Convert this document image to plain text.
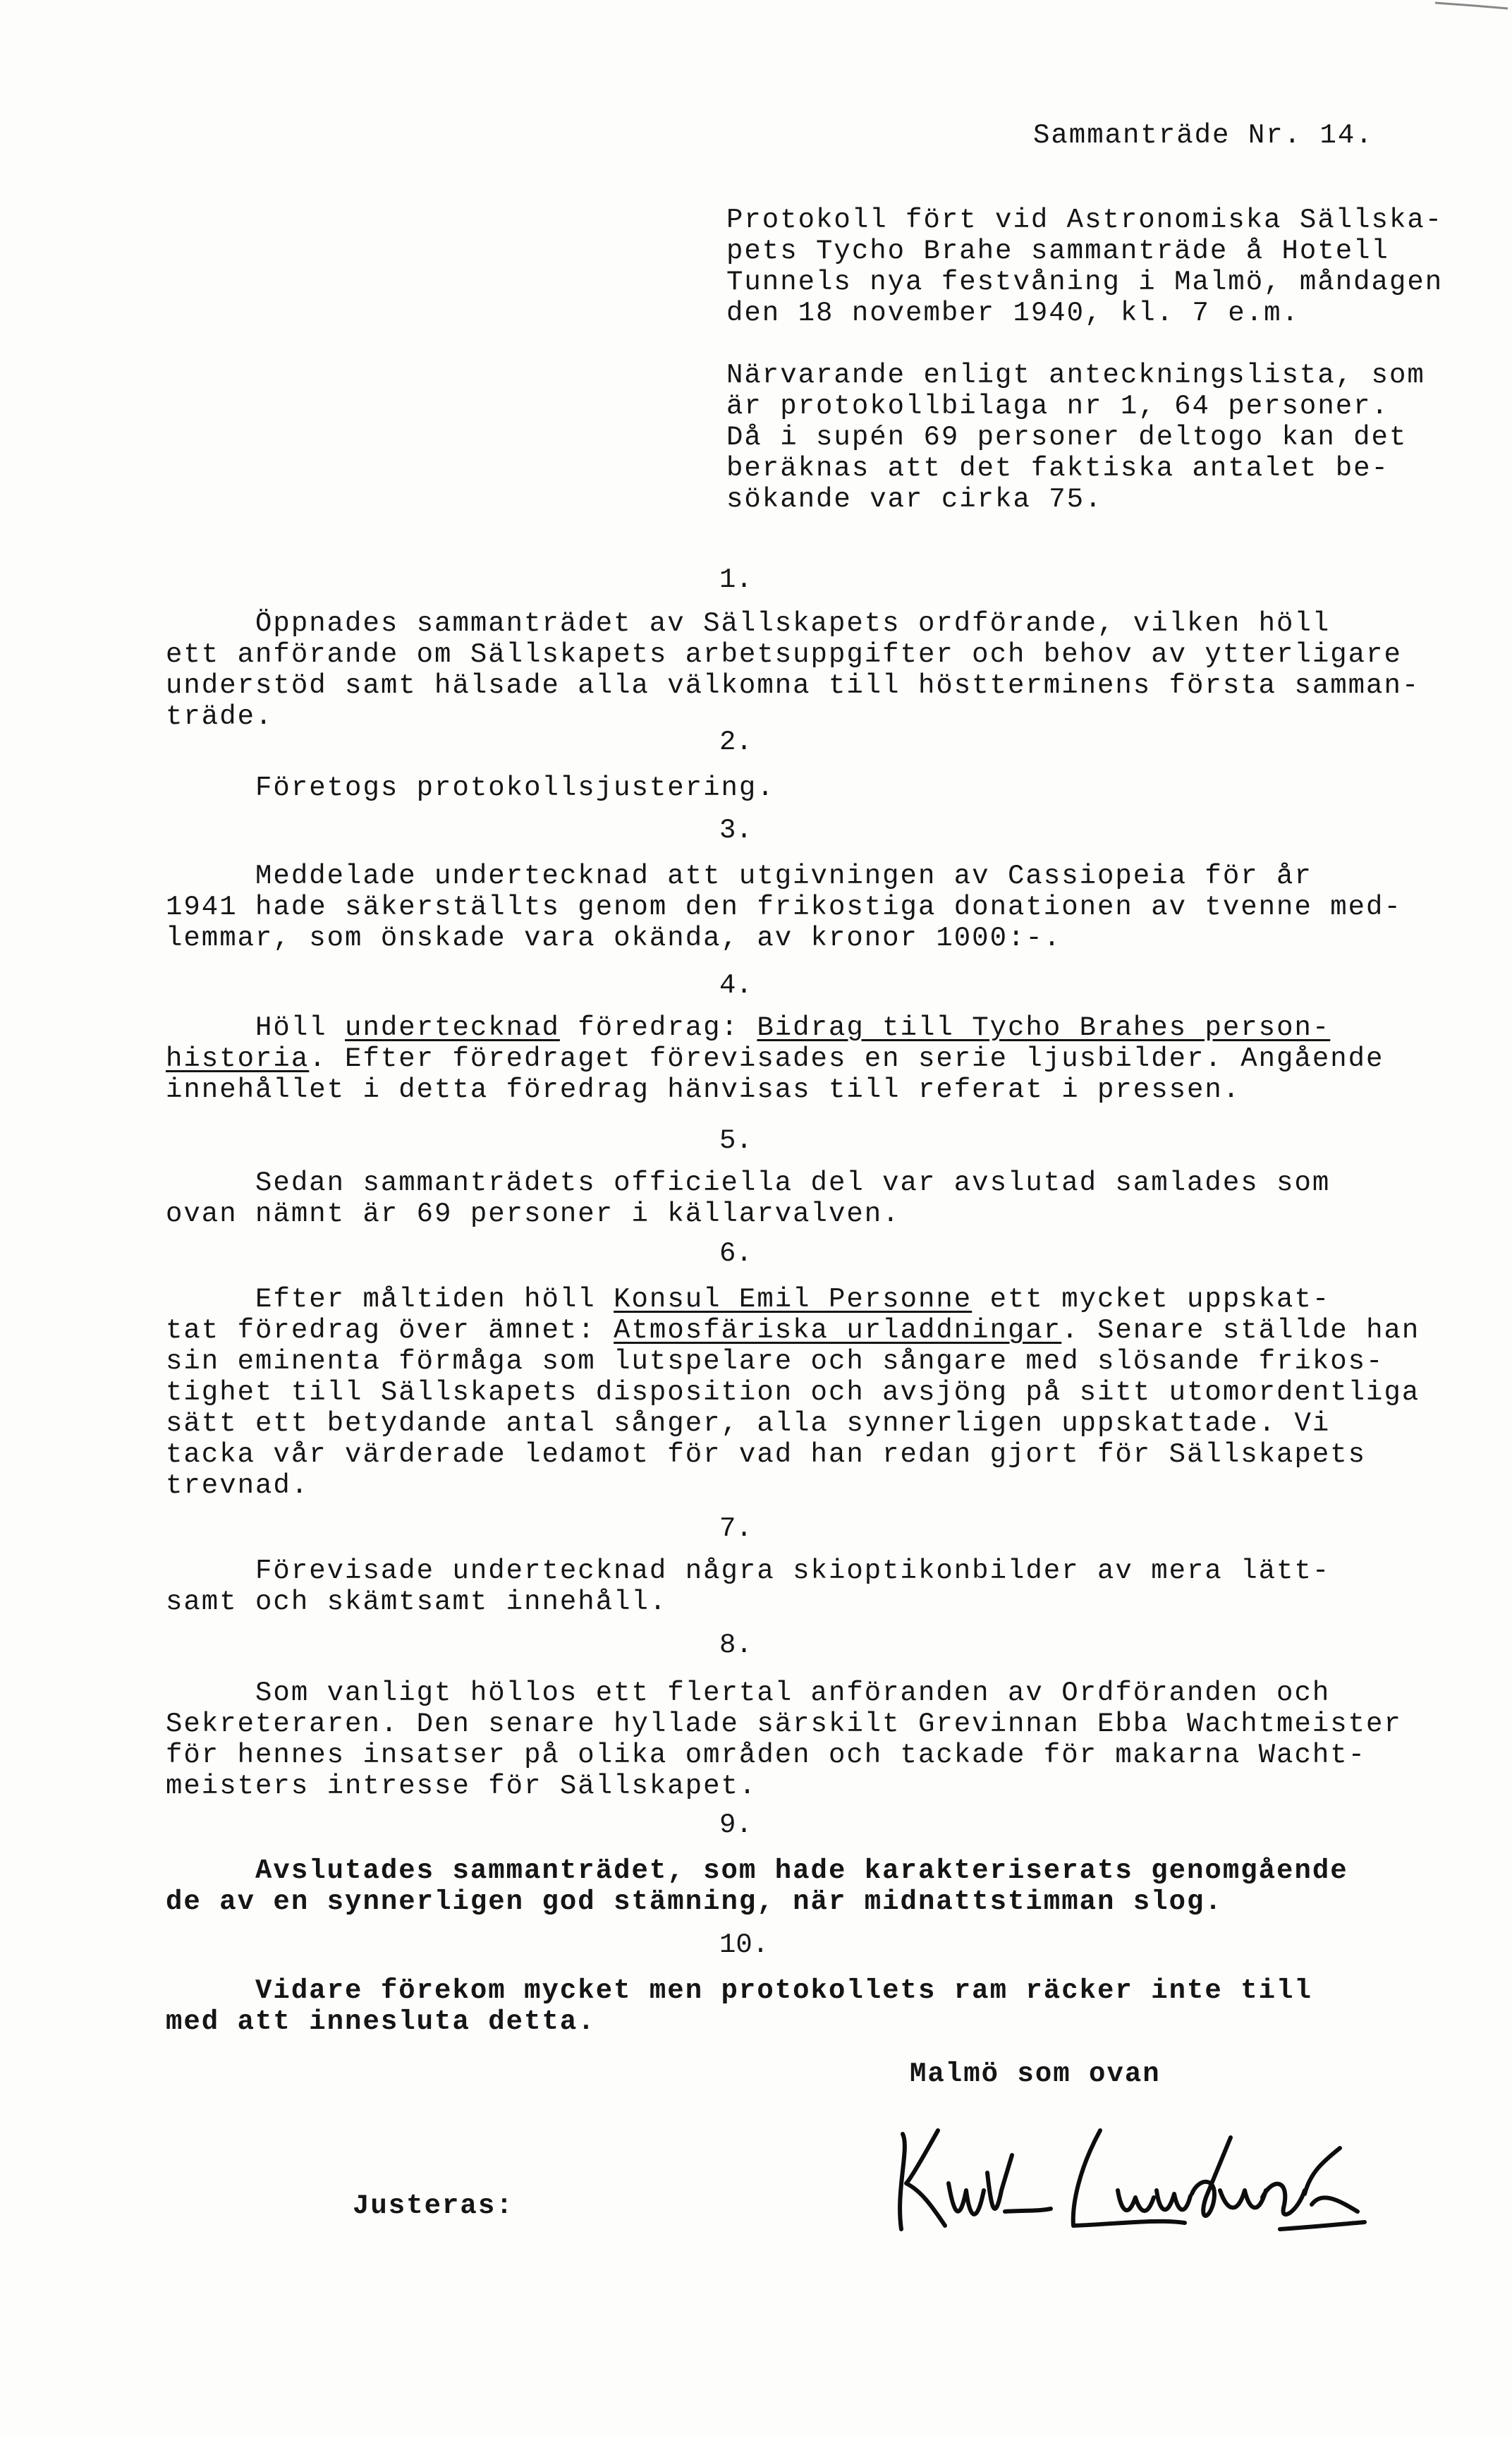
Sammanträde Nr. 14.

Protokoll fört vid Astronomiska Sällska-
pets Tycho Brahe sammanträde å Hotell
Tunnels nya festvåning i Malmö, måndagen
den 18 november 1940, kl. 7 e.m.

Närvarande enligt anteckningslista, som
är protokollbilaga nr 1, 64 personer.
Då i supén 69 personer deltogo kan det
beräknas att det faktiska antalet be-
sökande var cirka 75.

1.

Öppnades sammanträdet av Sällskapets ordförande, vilken höll
ett anförande om Sällskapets arbetsuppgifter och behov av ytterligare
understöd samt hälsade alla välkomna till höstterminens första samman-
träde.

2.

Företogs protokollsjustering.

3.

Meddelade undertecknad att utgivningen av Cassiopeia för år
1941 hade säkerställts genom den frikostiga donationen av tvenne med-
lemmar, som önskade vara okända, av kronor 1000:-.

4.

Höll undertecknad föredrag: Bidrag till Tycho Brahes person-
historia. Efter föredraget förevisades en serie ljusbilder. Angående
innehållet i detta föredrag hänvisas till referat i pressen.

5.

Sedan sammanträdets officiella del var avslutad samlades som
ovan nämnt är 69 personer i källarvalven.

6.

Efter måltiden höll Konsul Emil Personne ett mycket uppskat-
tat föredrag över ämnet: Atmosfäriska urladdningar. Senare ställde han
sin eminenta förmåga som lutspelare och sångare med slösande frikos-
tighet till Sällskapets disposition och avsjöng på sitt utomordentliga
sätt ett betydande antal sånger, alla synnerligen uppskattade. Vi
tacka vår värderade ledamot för vad han redan gjort för Sällskapets
trevnad.

7.

Förevisade undertecknad några skioptikonbilder av mera lätt-
samt och skämtsamt innehåll.

8.

Som vanligt höllos ett flertal anföranden av Ordföranden och
Sekreteraren. Den senare hyllade särskilt Grevinnan Ebba Wachtmeister
för hennes insatser på olika områden och tackade för makarna Wacht-
meisters intresse för Sällskapet.

9.

Avslutades sammanträdet, som hade karakteriserats genomgående
de av en synnerligen god stämning, när midnattstimman slog.

10.

Vidare förekom mycket men protokollets ram räcker inte till
med att innesluta detta.

Malmö som ovan

Justeras:
